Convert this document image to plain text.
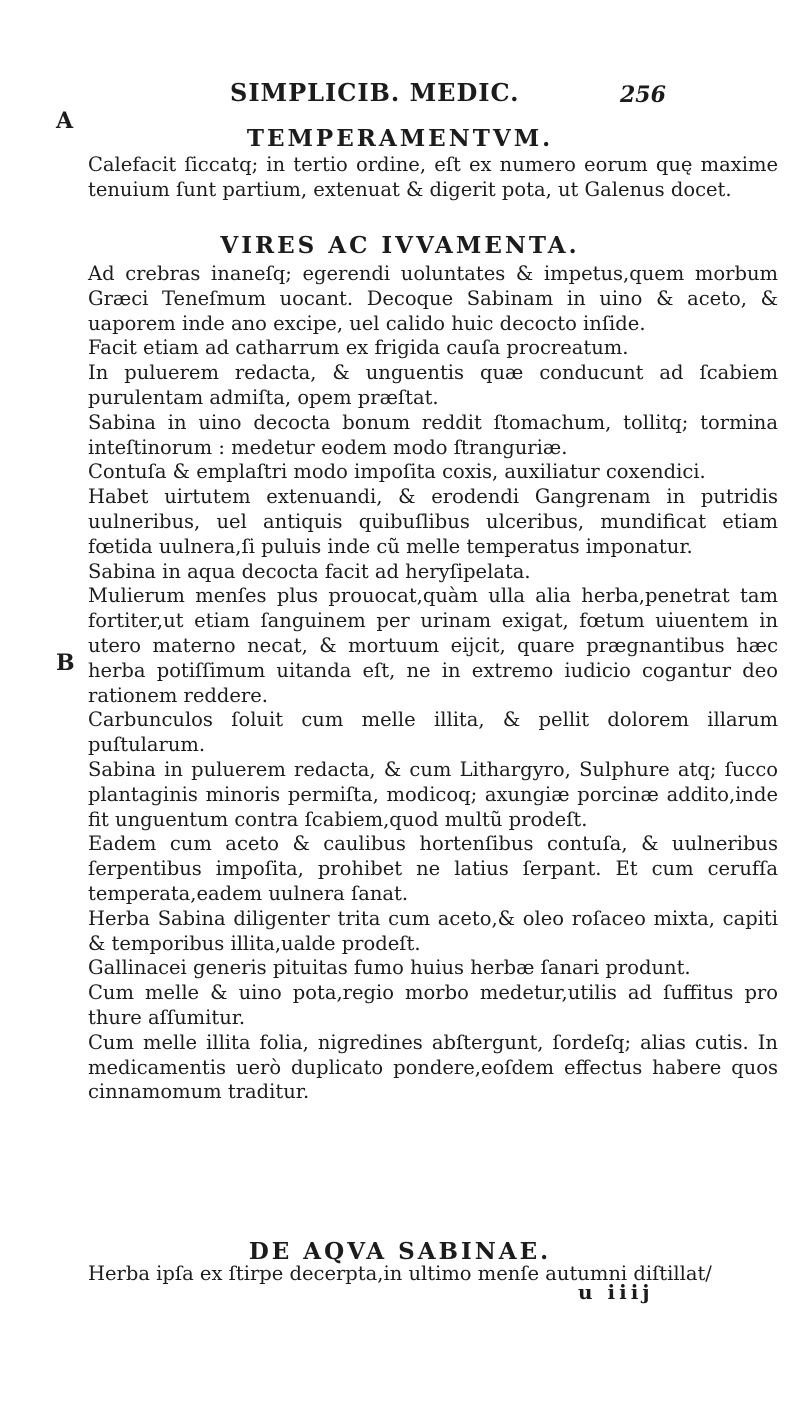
SIMPLICIB. MEDIC.	256
A
B
TEMPERAMENTVM.

Calefacit ſiccatq; in tertio ordine, eſt ex numero eorum quę maxime tenuium ſunt partium, extenuat & digerit pota, ut Galenus docet.

VIRES AC IVVAMENTA.

Ad crebras inaneſq; egerendi uoluntates & impetus,quem morbum Græci Teneſmum uocant. Decoque Sabinam in uino & aceto, & uaporem inde ano excipe, uel calido huic decocto inſide.

Facit etiam ad catharrum ex frigida cauſa procreatum.

In puluerem redacta, & unguentis quæ conducunt ad ſcabiem purulentam admiſta, opem præſtat.

Sabina in uino decocta bonum reddit ſtomachum, tollitq; tormina inteſtinorum : medetur eodem modo ſtranguriæ.

Contuſa & emplaſtri modo impoſita coxis, auxiliatur coxendici.

Habet uirtutem extenuandi, & erodendi Gangrenam in putridis uulneribus, uel antiquis quibuſlibus ulceribus, mundificat etiam fœtida uulnera,ſi puluis inde cũ melle temperatus imponatur.

Sabina in aqua decocta facit ad heryſipelata.

Mulierum menſes plus prouocat,quàm ulla alia herba,penetrat tam fortiter,ut etiam ſanguinem per urinam exigat, fœtum uiuentem in utero materno necat, & mortuum eijcit, quare prægnantibus hæc herba potiſſimum uitanda eſt, ne in extremo iudicio cogantur deo rationem reddere.

Carbunculos ſoluit cum melle illita, & pellit dolorem illarum puſtularum.

Sabina in puluerem redacta, & cum Lithargyro, Sulphure atq; ſucco plantaginis minoris permiſta, modicoq; axungiæ porcinæ addito,inde fit unguentum contra ſcabiem,quod multũ prodeſt.

Eadem cum aceto & caulibus hortenſibus contuſa, & uulneribus ſerpentibus impoſita, prohibet ne latius ſerpant. Et cum cerufſa temperata,eadem uulnera ſanat.

Herba Sabina diligenter trita cum aceto,& oleo roſaceo mixta, capiti & temporibus illita,ualde prodeſt.

Gallinacei generis pituitas fumo huius herbæ ſanari produnt.

Cum melle & uino pota,regio morbo medetur,utilis ad ſuffitus pro thure aſſumitur.

Cum melle illita folia, nigredines abſtergunt, ſordeſq; alias cutis. In medicamentis uerò duplicato pondere,eoſdem effectus habere quos cinnamomum traditur.

DE AQVA SABINAE.

Herba ipſa ex ſtirpe decerpta,in ultimo menſe autumni diſtillat/

u iiij
